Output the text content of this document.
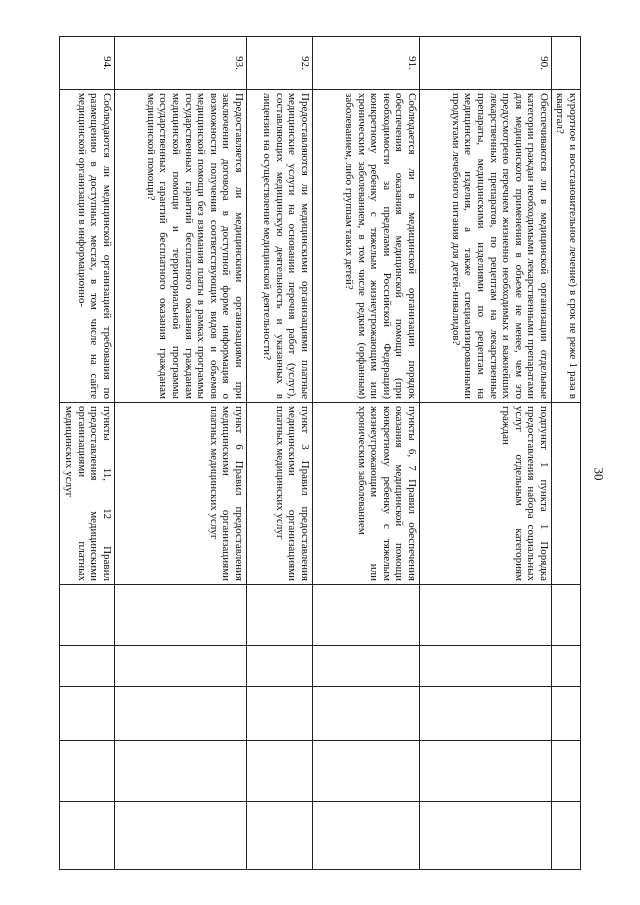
30
	курортное и восстановительное лечение) в срок не реже 1 раза в квартал?						
90.	Обеспечиваются ли в медицинской организации отдельные категории граждан необходимыми лекарственными препаратами для медицинского применения в объеме не менее, чем это предусмотрено перечнем жизненно необходимых и важнейших лекарственных препаратов, по рецептам на лекарственные препараты, медицинскими изделиями по рецептам на медицинские изделия, а также специализированными продуктами лечебного питания для детей-инвалидов?	подпункт 1 пункта 1 Порядка предоставления набора социальных услуг отдельным категориям граждан					
91.	Соблюдается ли в медицинской организации порядок обеспечения оказания медицинской помощи (при необходимости за пределами Российской Федерации) конкретному ребенку с тяжелым жизнеугрожающим или хроническим заболеванием, в том числе редким (орфанным) заболеванием, либо группам таких детей?	пункты 6, 7 Правил обеспечения оказания медицинской помощи конкретному ребенку с тяжелым жизнеугрожающим или хроническим заболеванием					
92.	Предоставляются ли медицинскими организациями платные медицинские услуги на основании перечня работ (услуг), составляющих медицинскую деятельность и указанных в лицензии на осуществление медицинской деятельности?	пункт 3 Правил предоставления медицинскими организациями платных медицинских услуг					
93.	Предоставляется ли медицинскими организациями при заключении договора в доступной форме информация о возможности получения соответствующих видов и объемов медицинской помощи без взимания платы в рамках программы государственных гарантий бесплатного оказания гражданам медицинской помощи и территориальной программы государственных гарантий бесплатного оказания гражданам медицинской помощи?	пункт 6 Правил предоставления медицинскими организациями платных медицинских услуг					
94.	Соблюдаются ли медицинской организацией требования по размещению в доступных местах, в том числе на сайте медицинской организации в информационно-	пункты 11, 12 Правил предоставления медицинскими организациями платных медицинских услуг					
